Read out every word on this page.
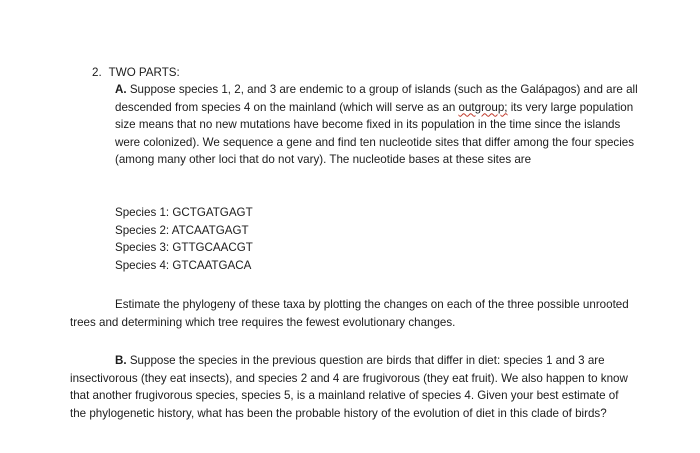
2. TWO PARTS:
A. Suppose species 1, 2, and 3 are endemic to a group of islands (such as the Galápagos) and are all descended from species 4 on the mainland (which will serve as an outgroup; its very large population size means that no new mutations have become fixed in its population in the time since the islands were colonized). We sequence a gene and find ten nucleotide sites that differ among the four species (among many other loci that do not vary). The nucleotide bases at these sites are
Species 1: GCTGATGAGT
Species 2: ATCAATGAGT
Species 3: GTTGCAACGT
Species 4: GTCAATGACA
Estimate the phylogeny of these taxa by plotting the changes on each of the three possible unrooted trees and determining which tree requires the fewest evolutionary changes.
B. Suppose the species in the previous question are birds that differ in diet: species 1 and 3 are insectivorous (they eat insects), and species 2 and 4 are frugivorous (they eat fruit). We also happen to know that another frugivorous species, species 5, is a mainland relative of species 4. Given your best estimate of the phylogenetic history, what has been the probable history of the evolution of diet in this clade of birds?
